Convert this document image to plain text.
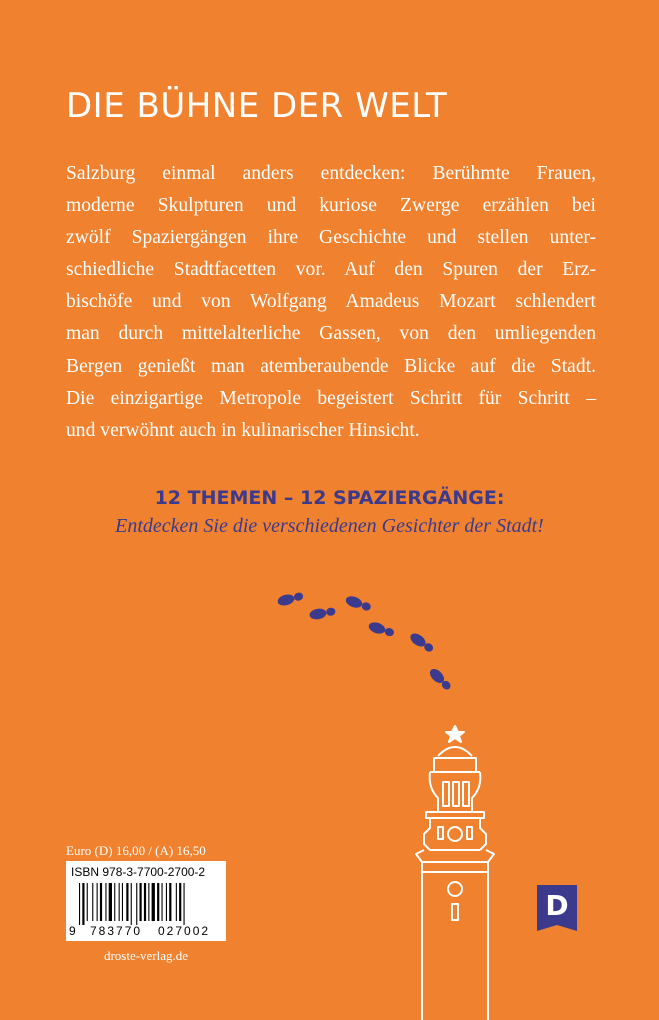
DIE BÜHNE DER WELT
Salzburg einmal anders entdecken: Berühmte Frauen,
moderne Skulpturen und kuriose Zwerge erzählen bei
zwölf Spaziergängen ihre Geschichte und stellen unter-
schiedliche Stadtfacetten vor. Auf den Spuren der Erz-
bischöfe und von Wolfgang Amadeus Mozart schlendert
man durch mittelalterliche Gassen, von den umliegenden
Bergen genießt man atemberaubende Blicke auf die Stadt.
Die einzigartige Metropole begeistert Schritt für Schritt –
und verwöhnt auch in kulinarischer Hinsicht.
12 THEMEN – 12 SPAZIERGÄNGE:
Entdecken Sie die verschiedenen Gesichter der Stadt!
Euro (D) 16,00 / (A) 16,50
ISBN 978-3-7700-2700-2
9 783770 027002
droste-verlag.de
D
